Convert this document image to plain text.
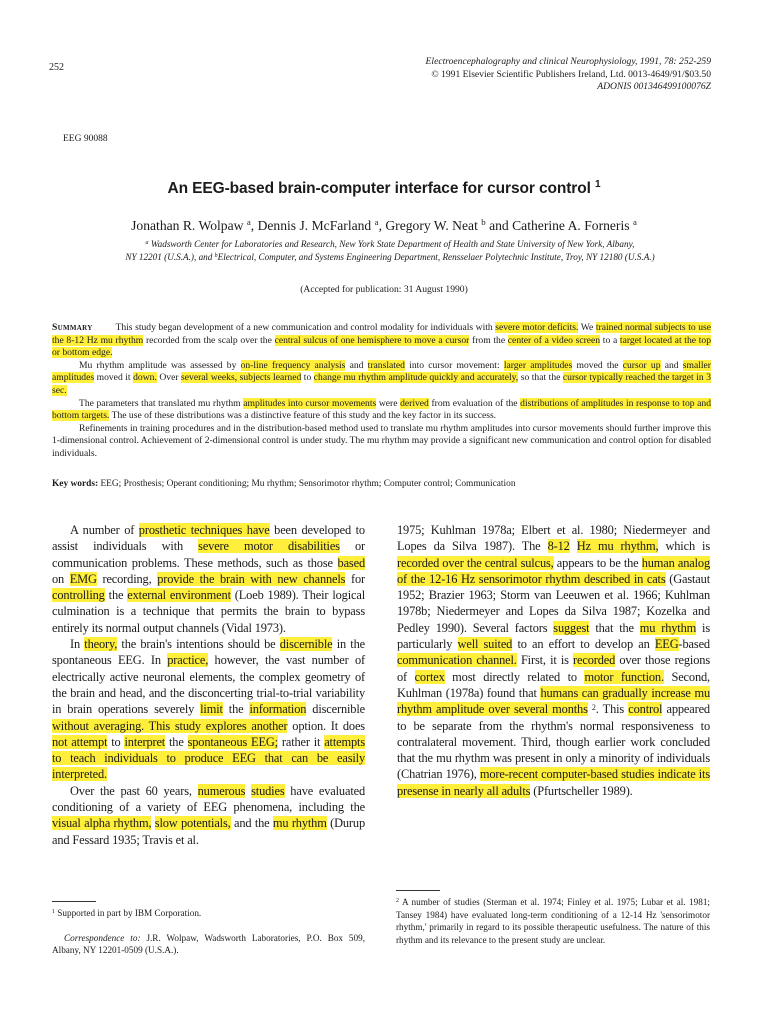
252
Electroencephalography and clinical Neurophysiology, 1991, 78: 252-259
© 1991 Elsevier Scientific Publishers Ireland, Ltd. 0013-4649/91/$03.50
ADONIS 001346499100076Z
EEG 90088
An EEG-based brain-computer interface for cursor control $^1$
Jonathan R. Wolpaw $^a$, Dennis J. McFarland $^a$, Gregory W. Neat $^b$ and Catherine A. Forneris $^a$
$^a$ Wadsworth Center for Laboratories and Research, New York State Department of Health and State University of New York, Albany,
NY 12201 (U.S.A.), and $^b$Electrical, Computer, and Systems Engineering Department, Rensselaer Polytechnic Institute, Troy, NY 12180 (U.S.A.)
(Accepted for publication: 31 August 1990)

Summary This study began development of a new communication and control modality for individuals with severe motor deficits. We trained normal subjects to use the 8-12 Hz mu rhythm recorded from the scalp over the central sulcus of one hemisphere to move a cursor from the center of a video screen to a target located at the top or bottom edge.

Mu rhythm amplitude was assessed by on-line frequency analysis and translated into cursor movement: larger amplitudes moved the cursor up and smaller amplitudes moved it down. Over several weeks, subjects learned to change mu rhythm amplitude quickly and accurately, so that the cursor typically reached the target in 3 sec.

The parameters that translated mu rhythm amplitudes into cursor movements were derived from evaluation of the distributions of amplitudes in response to top and bottom targets. The use of these distributions was a distinctive feature of this study and the key factor in its success.

Refinements in training procedures and in the distribution-based method used to translate mu rhythm amplitudes into cursor movements should further improve this 1-dimensional control. Achievement of 2-dimensional control is under study. The mu rhythm may provide a significant new communication and control option for disabled individuals.

Key words: EEG; Prosthesis; Operant conditioning; Mu rhythm; Sensorimotor rhythm; Computer control; Communication

A number of prosthetic techniques have been developed to assist individuals with severe motor disabilities or communication problems. These methods, such as those based on EMG recording, provide the brain with new channels for controlling the external environment (Loeb 1989). Their logical culmination is a technique that permits the brain to bypass entirely its normal output channels (Vidal 1973).

In theory, the brain's intentions should be discernible in the spontaneous EEG. In practice, however, the vast number of electrically active neuronal elements, the complex geometry of the brain and head, and the disconcerting trial-to-trial variability in brain operations severely limit the information discernible without averaging. This study explores another option. It does not attempt to interpret the spontaneous EEG; rather it attempts to teach individuals to produce EEG that can be easily interpreted.

Over the past 60 years, numerous studies have evaluated conditioning of a variety of EEG phenomena, including the visual alpha rhythm, slow potentials, and the mu rhythm (Durup and Fessard 1935; Travis et al.

1975; Kuhlman 1978a; Elbert et al. 1980; Niedermeyer and Lopes da Silva 1987). The 8-12 Hz mu rhythm, which is recorded over the central sulcus, appears to be the human analog of the 12-16 Hz sensorimotor rhythm described in cats (Gastaut 1952; Brazier 1963; Storm van Leeuwen et al. 1966; Kuhlman 1978b; Niedermeyer and Lopes da Silva 1987; Kozelka and Pedley 1990). Several factors suggest that the mu rhythm is particularly well suited to an effort to develop an EEG-based communication channel. First, it is recorded over those regions of cortex most directly related to motor function. Second, Kuhlman (1978a) found that humans can gradually increase mu rhythm amplitude over several months $^2$. This control appeared to be separate from the rhythm's normal responsiveness to contralateral movement. Third, though earlier work concluded that the mu rhythm was present in only a minority of individuals (Chatrian 1976), more-recent computer-based studies indicate its presense in nearly all adults (Pfurtscheller 1989).

$^1$ Supported in part by IBM Corporation.

Correspondence to: J.R. Wolpaw, Wadsworth Laboratories, P.O. Box 509, Albany, NY 12201-0509 (U.S.A.).

$^2$ A number of studies (Sterman et al. 1974; Finley et al. 1975; Lubar et al. 1981; Tansey 1984) have evaluated long-term conditioning of a 12-14 Hz 'sensorimotor rhythm,' primarily in regard to its possible therapeutic usefulness. The nature of this rhythm and its relevance to the present study are unclear.
